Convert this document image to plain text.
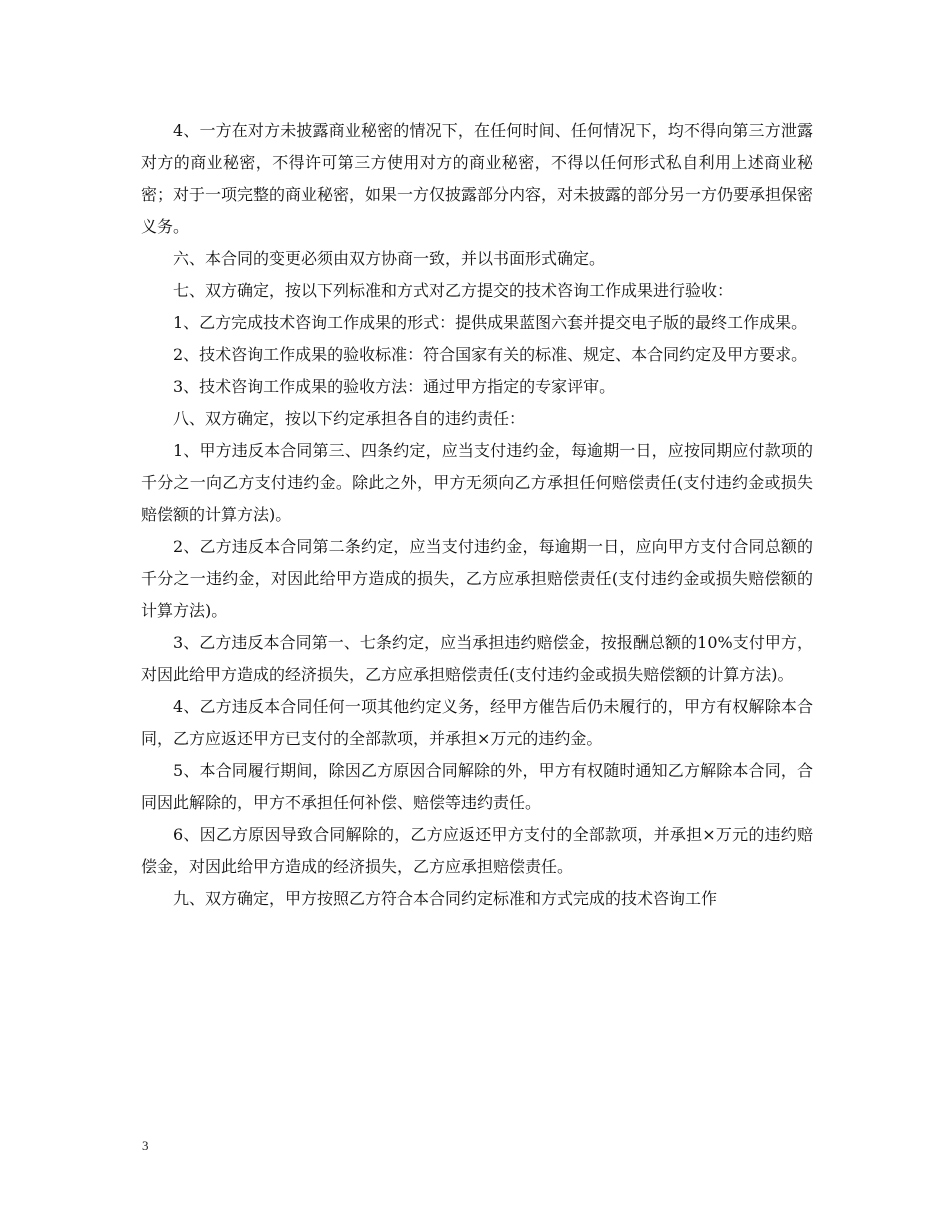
4、一方在对方未披露商业秘密的情况下，在任何时间、任何情况下，均不得向第三方泄露对方的商业秘密，不得许可第三方使用对方的商业秘密，不得以任何形式私自利用上述商业秘密；对于一项完整的商业秘密，如果一方仅披露部分内容，对未披露的部分另一方仍要承担保密义务。

六、本合同的变更必须由双方协商一致，并以书面形式确定。

七、双方确定，按以下列标准和方式对乙方提交的技术咨询工作成果进行验收：

1、乙方完成技术咨询工作成果的形式：提供成果蓝图六套并提交电子版的最终工作成果。

2、技术咨询工作成果的验收标准：符合国家有关的标准、规定、本合同约定及甲方要求。

3、技术咨询工作成果的验收方法：通过甲方指定的专家评审。

八、双方确定，按以下约定承担各自的违约责任：

1、甲方违反本合同第三、四条约定，应当支付违约金，每逾期一日，应按同期应付款项的千分之一向乙方支付违约金。除此之外，甲方无须向乙方承担任何赔偿责任(支付违约金或损失赔偿额的计算方法)。

2、乙方违反本合同第二条约定，应当支付违约金，每逾期一日，应向甲方支付合同总额的千分之一违约金，对因此给甲方造成的损失，乙方应承担赔偿责任(支付违约金或损失赔偿额的计算方法)。

3、乙方违反本合同第一、七条约定，应当承担违约赔偿金，按报酬总额的10%支付甲方，对因此给甲方造成的经济损失，乙方应承担赔偿责任(支付违约金或损失赔偿额的计算方法)。

4、乙方违反本合同任何一项其他约定义务，经甲方催告后仍未履行的，甲方有权解除本合同，乙方应返还甲方已支付的全部款项，并承担×万元的违约金。

5、本合同履行期间，除因乙方原因合同解除的外，甲方有权随时通知乙方解除本合同，合同因此解除的，甲方不承担任何补偿、赔偿等违约责任。

6、因乙方原因导致合同解除的，乙方应返还甲方支付的全部款项，并承担×万元的违约赔偿金，对因此给甲方造成的经济损失，乙方应承担赔偿责任。

九、双方确定，甲方按照乙方符合本合同约定标准和方式完成的技术咨询工作

3
